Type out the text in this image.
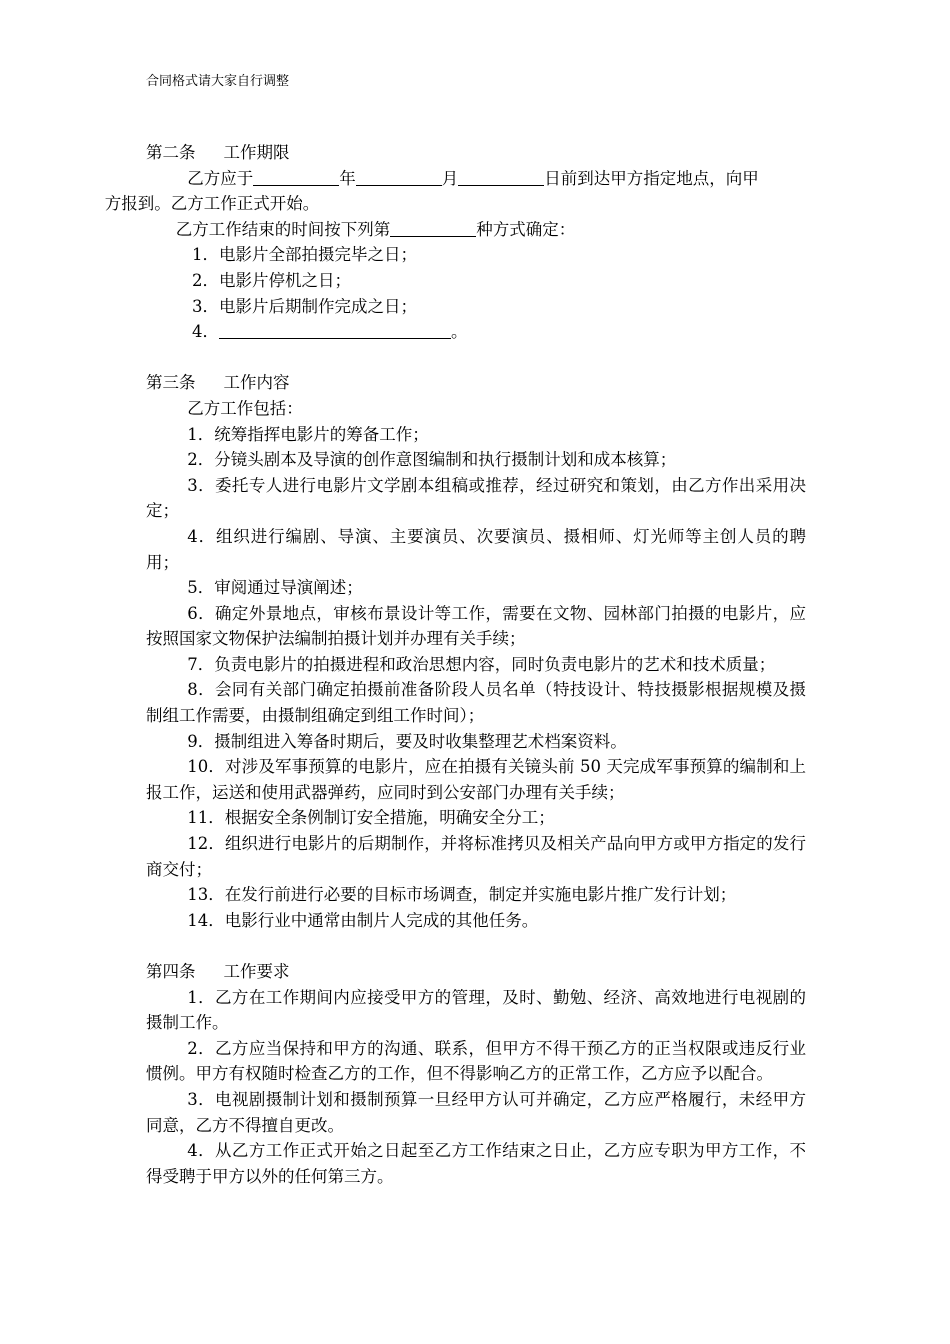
合同格式请大家自行调整

第二条 工作期限

乙方应于	年	月	日前到达甲方指定地点，向甲
方报到。乙方工作正式开始。

乙方工作结束的时间按下列第	种方式确定：

1．电影片全部拍摄完毕之日；

2．电影片停机之日；

3．电影片后期制作完成之日；

4．	。

第三条 工作内容

乙方工作包括：

1．统筹指挥电影片的筹备工作；

2．分镜头剧本及导演的创作意图编制和执行摄制计划和成本核算；

3．委托专人进行电影片文学剧本组稿或推荐，经过研究和策划，由乙方作出采用决定；

4．组织进行编剧、导演、主要演员、次要演员、摄相师、灯光师等主创人员的聘用；

5．审阅通过导演阐述；

6．确定外景地点，审核布景设计等工作，需要在文物、园林部门拍摄的电影片，应按照国家文物保护法编制拍摄计划并办理有关手续；

7．负责电影片的拍摄进程和政治思想内容，同时负责电影片的艺术和技术质量；

8．会同有关部门确定拍摄前准备阶段人员名单（特技设计、特技摄影根据规模及摄制组工作需要，由摄制组确定到组工作时间）；

9．摄制组进入筹备时期后，要及时收集整理艺术档案资料。

10．对涉及军事预算的电影片，应在拍摄有关镜头前 50 天完成军事预算的编制和上报工作，运送和使用武器弹药，应同时到公安部门办理有关手续；

11．根据安全条例制订安全措施，明确安全分工；

12．组织进行电影片的后期制作，并将标准拷贝及相关产品向甲方或甲方指定的发行商交付；

13．在发行前进行必要的目标市场调查，制定并实施电影片推广发行计划；

14．电影行业中通常由制片人完成的其他任务。

第四条 工作要求

1．乙方在工作期间内应接受甲方的管理，及时、勤勉、经济、高效地进行电视剧的摄制工作。

2．乙方应当保持和甲方的沟通、联系，但甲方不得干预乙方的正当权限或违反行业惯例。甲方有权随时检查乙方的工作，但不得影响乙方的正常工作，乙方应予以配合。

3．电视剧摄制计划和摄制预算一旦经甲方认可并确定，乙方应严格履行，未经甲方同意，乙方不得擅自更改。

4．从乙方工作正式开始之日起至乙方工作结束之日止，乙方应专职为甲方工作，不得受聘于甲方以外的任何第三方。
